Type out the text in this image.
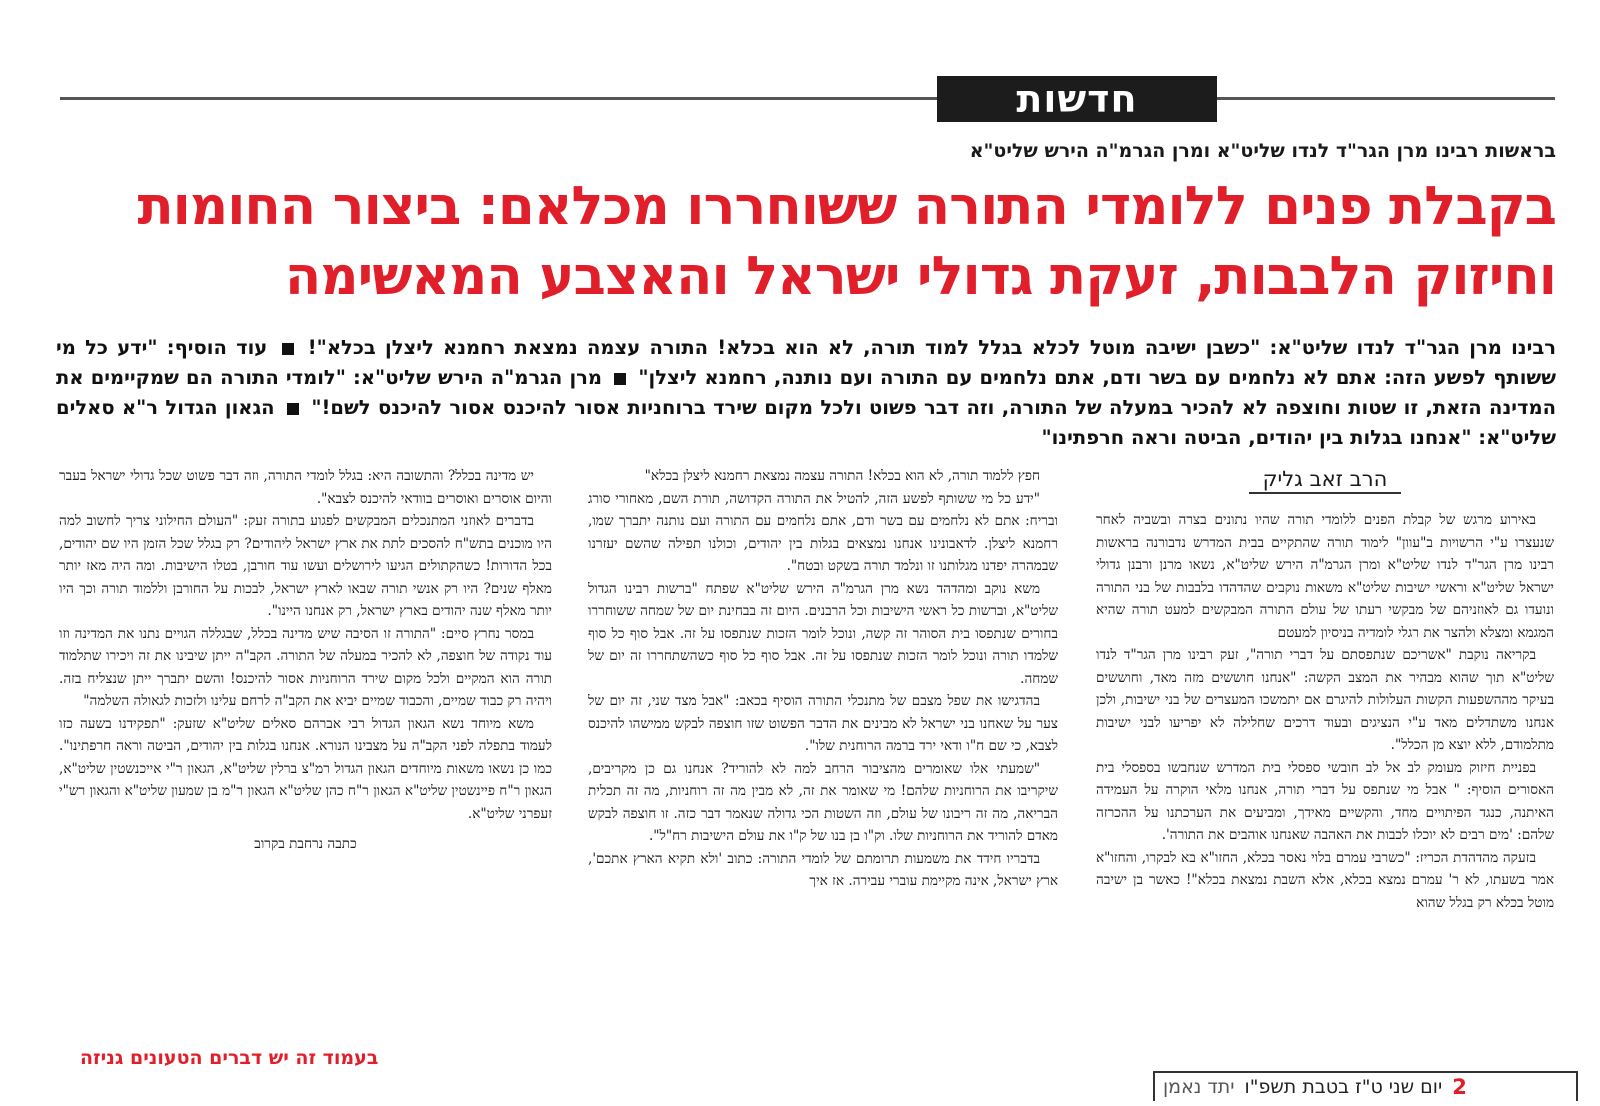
חדשות
בראשות רבינו מרן הגר"ד לנדו שליט"א ומרן הגרמ"ה הירש שליט"א
בקבלת פנים ללומדי התורה ששוחררו מכלאם: ביצור החומות וחיזוק הלבבות, זעקת גדולי ישראל והאצבע המאשימה
רבינו מרן הגר"ד לנדו שליט"א: "כשבן ישיבה מוטל לכלא בגלל למוד תורה, לא הוא בכלא! התורה עצמה נמצאת רחמנא ליצלן בכלא"!  עוד הוסיף: "ידע כל מי ששותף לפשע הזה: אתם לא נלחמים עם בשר ודם, אתם נלחמים עם התורה ועם נותנה, רחמנא ליצלן"  מרן הגרמ"ה הירש שליט"א: "לומדי התורה הם שמקיימים את המדינה הזאת, זו שטות וחוצפה לא להכיר במעלה של התורה, וזה דבר פשוט ולכל מקום שירד ברוחניות אסור להיכנס אסור להיכנס לשם!"  הגאון הגדול ר"א סאלים שליט"א: "אנחנו בגלות בין יהודים, הביטה וראה חרפתינו"
הרב זאב גליק

באירוע מרגש של קבלת הפנים ללומדי תורה שהיו נתונים בצרה ובשביה לאחר שנעצרו ע"י הרשויות ב"עוון" לימוד תורה שהתקיים בבית המדרש נדבורנה בראשות רבינו מרן הגר"ד לנדו שליט"א ומרן הגרמ"ה הירש שליט"א, נשאו מרנן ורבנן גדולי ישראל שליט"א וראשי ישיבות שליט"א משאות נוקבים שהדהדו בלבבות של בני התורה ונועדו גם לאוזניהם של מבקשי רעתו של עולם התורה המבקשים למעט תורה שהיא המגמא ומצלא ולהצר את רגלי לומדיה בניסיון למעטם

בקריאה נוקבת "אשריכם שנתפסתם על דברי תורה", זעק רבינו מרן הגר"ד לנדו שליט"א תוך שהוא מבהיר את המצב הקשה: "אנחנו חוששים מזה מאד, וחוששים בעיקר מההשפעות הקשות העלולות להיגרם אם יתמשכו המעצרים של בני ישיבות, ולכן אנחנו משתדלים מאד ע"י הנציגים ובעוד דרכים שחלילה לא יפריעו לבני ישיבות מתלמודם, ללא יוצא מן הכלל".

בפניית חיזוק מעומק לב אל לב חובשי ספסלי בית המדרש שנחבשו בספסלי בית האסורים הוסיף: " אבל מי שנתפס על דברי תורה, אנחנו מלאי הוקרה על העמידה האיתנה, כנגד הפיתויים מחד, והקשיים מאידך, ומביעים את הערכתנו על ההכרזה שלהם: 'מים רבים לא יוכלו לכבות את האהבה שאנחנו אוהבים את התורה'.

בזעקה מהדהדת הכריז: "כשרבי עמרם בלוי נאסר בכלא, החזו"א בא לבקרו, והחזו"א אמר בשעתו, לא ר' עמרם נמצא בכלא, אלא השבת נמצאת בכלא"! כאשר בן ישיבה מוטל בכלא רק בגלל שהוא

חפץ ללמוד תורה, לא הוא בכלא! התורה עצמה נמצאת רחמנא ליצלן בכלא"

"ידע כל מי ששותף לפשע הזה, להטיל את התורה הקדושה, תורת השם, מאחורי סורג ובריח: אתם לא נלחמים עם בשר ודם, אתם נלחמים עם התורה ועם נותנה יתברך שמו, רחמנא ליצלן. לדאבונינו אנחנו נמצאים בגלות בין יהודים, וכולנו תפילה שהשם יעזרנו שבמהרה יפדנו מגלותנו זו ונלמד תורה בשקט ובטח".

משא נוקב ומהדהד נשא מרן הגרמ"ה הירש שליט"א שפתח "ברשות רבינו הגדול שליט"א, וברשות כל ראשי הישיבות וכל הרבנים. היום זה בבחינת יום של שמחה ששוחררו בחורים שנתפסו בית הסוהר זה קשה, ונוכל לומר הזכות שנתפסו על זה. אבל סוף כל סוף שלמדו תורה ונוכל לומר הזכות שנתפסו על זה. אבל סוף כל סוף כשהשתחררו זה יום של שמחה.

בהדגישו את שפל מצבם של מתנכלי התורה הוסיף בכאב: "אבל מצד שני, זה יום של צער על שאחנו בני ישראל לא מבינים את הדבר הפשוט שזו חוצפה לבקש ממישהו להיכנס לצבא, כי שם ח"ו ודאי ירד ברמה הרוחנית שלו".

"שמעתי אלו שאומרים מהציבור הרחב למה לא להוריד? אנחנו גם כן מקריבים, שיקריבו את הרוחניות שלהם! מי שאומר את זה, לא מבין מה זה רוחניות, מה זה תכלית הבריאה, מה זה ריבונו של עולם, וזה השטות הכי גדולה שנאמר דבר כזה. זו חוצפה לבקש מאדם להוריד את הרוחניות שלו. וק"ו בן בנו של ק"ו את עולם הישיבות רח"ל".

בדבריו חידד את משמעות תרומתם של לומדי התורה: כתוב 'ולא תקיא הארץ אתכם', ארץ ישראל, אינה מקיימת עוברי עבירה. אז איך

יש מדינה בכלל? והתשובה היא: בגלל לומדי התורה, וזה דבר פשוט שכל גדולי ישראל בעבר והיום אוסרים ואוסרים בוודאי להיכנס לצבא".

בדברים לאוזני המתנכלים המבקשים לפגוע בתורה זעק: "העולם החילוני צריך לחשוב למה היו מוכנים בתש"ח להסכים לתת את ארץ ישראל ליהודים? רק בגלל שכל הזמן היו שם יהודים, בכל הדורות! כשהקתולים הגיעו לירושלים ועשו עוד חורבן, בטלו הישיבות. ומה היה מאז יותר מאלף שנים? היו רק אנשי תורה שבאו לארץ ישראל, לבכות על החורבן וללמוד תורה וכך היו יותר מאלף שנה יהודים בארץ ישראל, רק אנחנו היינו".

במסר נחרץ סיים: "התורה זו הסיבה שיש מדינה בכלל, שבגללה הגויים נתנו את המדינה וזו עוד נקודה של חוצפה, לא להכיר במעלה של התורה. הקב"ה ייתן שיבינו את זה ויכירו שתלמוד תורה הוא המקיים ולכל מקום שירד הרוחניות אסור להיכנס! והשם יתברך ייתן שנצליח בזה. ויהיה רק כבוד שמיים, והכבוד שמיים יביא את הקב"ה לרחם עלינו ולזכות לגאולה השלמה"

משא מיוחד נשא הגאון הגדול רבי אברהם סאלים שליט"א שזעק: "תפקידנו בשעה כזו לעמוד בתפלה לפני הקב"ה על מצבינו הנורא. אנחנו בגלות בין יהודים, הביטה וראה חרפתינו". כמו כן נשאו משאות מיוחדים הגאון הגדול רמ"צ ברלין שליט"א, הגאון ר"י אייכנשטין שליט"א, הגאון ר"ח פיינשטין שליט"א הגאון ר"ח כהן שליט"א הגאון ר"מ בן שמעון שליט"א והגאון רש"י זעפרני שליט"א.

כתבה נרחבת בקרוב

2
יום שני ט"ז בטבת תשפ"ו
יתד נאמן
בעמוד זה יש דברים הטעונים גניזה
